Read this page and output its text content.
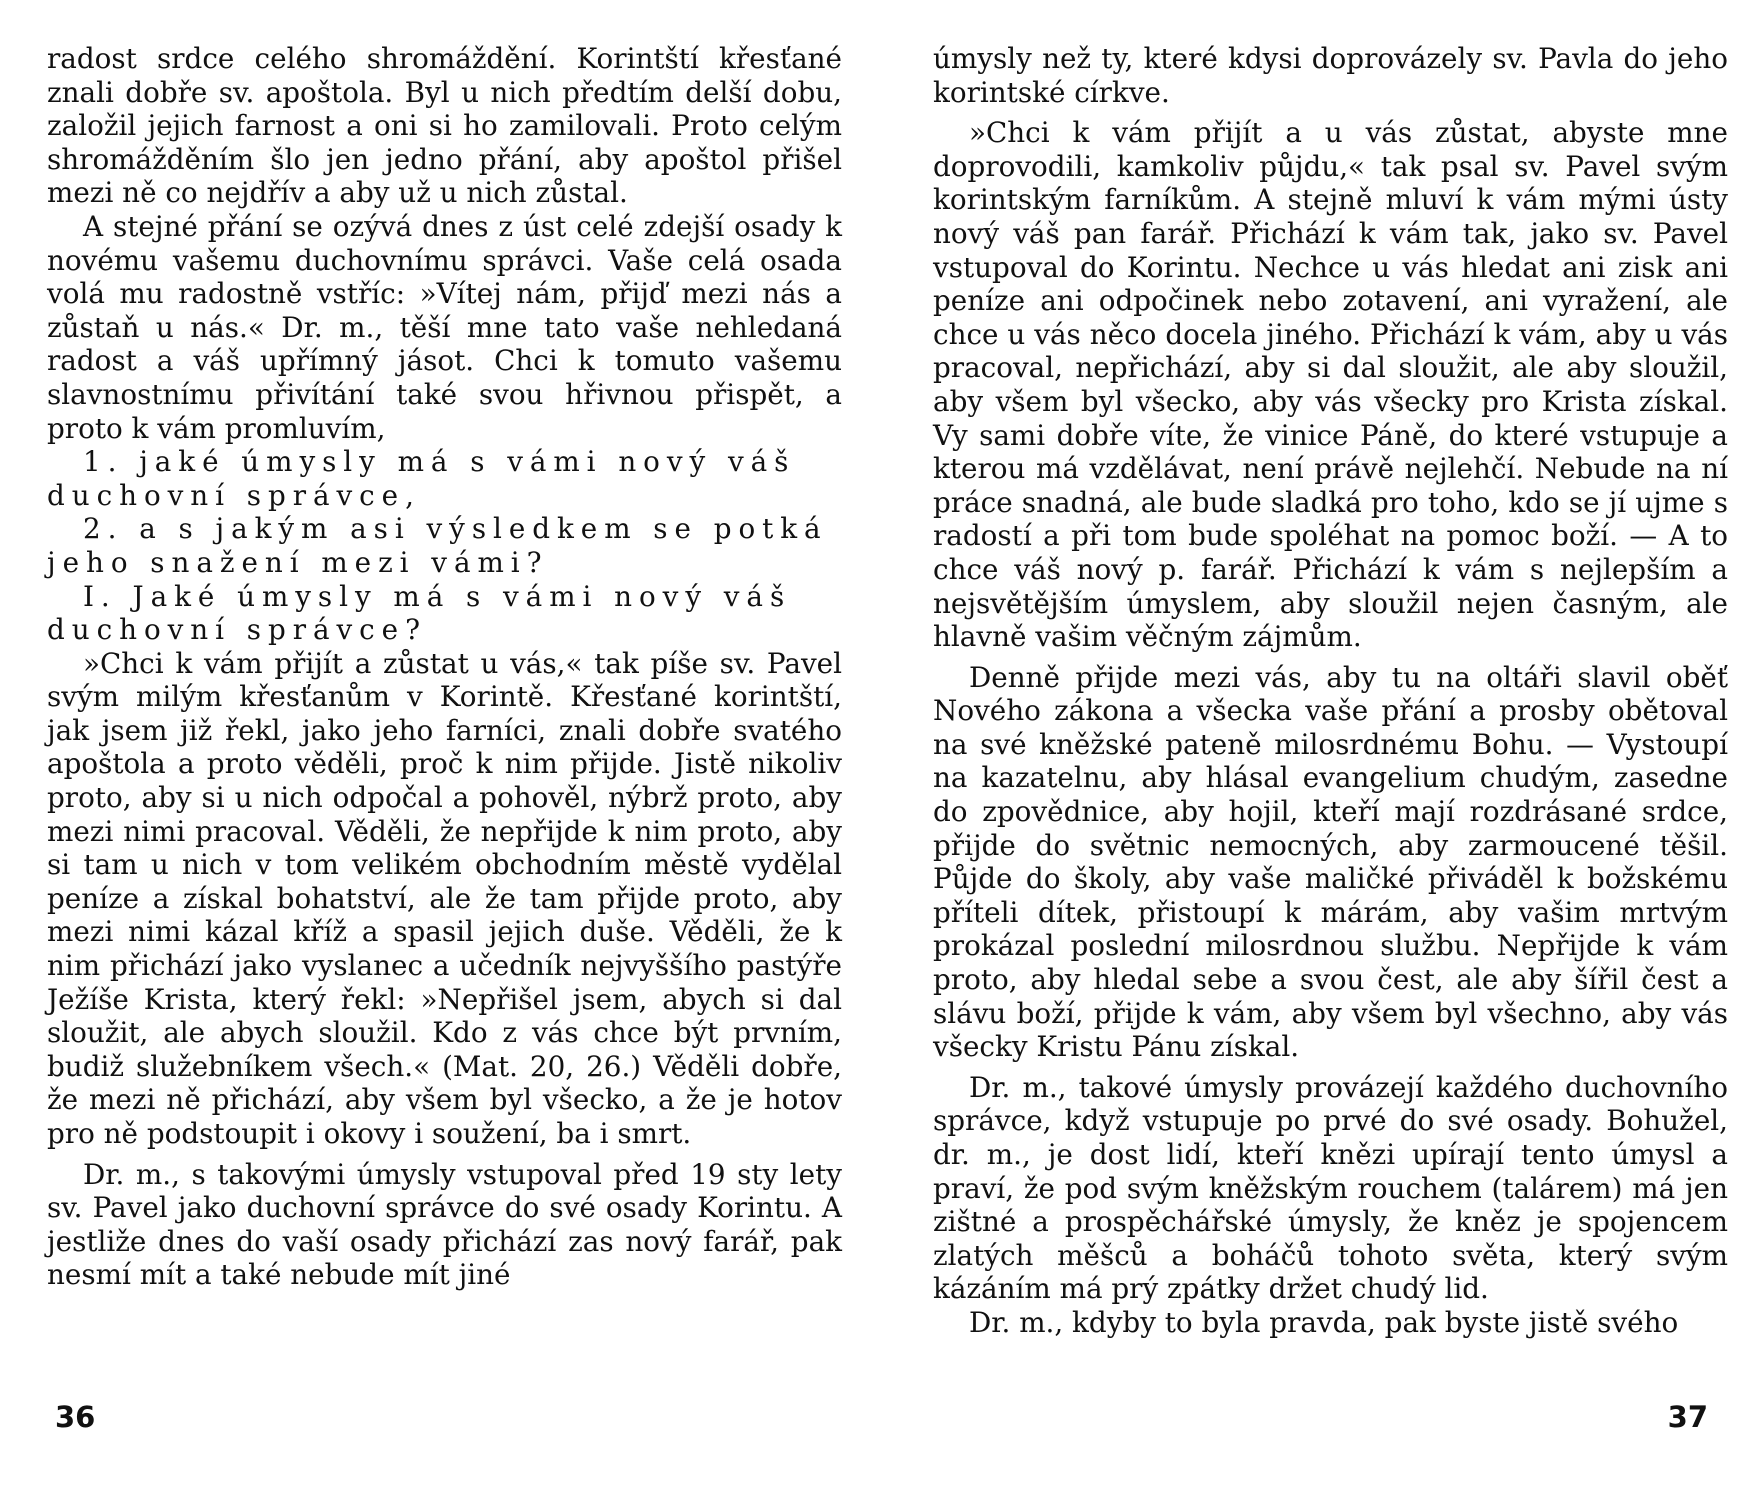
radost srdce celého shromáždění. Korintští křesťané znali dobře sv. apoštola. Byl u nich předtím delší dobu, založil jejich farnost a oni si ho zamilovali. Proto celým shromážděním šlo jen jedno přání, aby apoštol přišel mezi ně co nejdřív a aby už u nich zůstal.

A stejné přání se ozývá dnes z úst celé zdejší osady k novému vašemu duchovnímu správci. Vaše celá osada volá mu radostně vstříc: »Vítej nám, přijď mezi nás a zůstaň u nás.« Dr. m., těší mne tato vaše nehledaná radost a váš upřímný jásot. Chci k tomuto vašemu slavnostnímu přivítání také svou hřivnou přispět, a proto k vám promluvím,

1. jaké úmysly má s vámi nový váš duchovní správce,

2. a s jakým asi výsledkem se potká jeho snažení mezi vámi?

I. Jaké úmysly má s vámi nový váš duchovní správce?

»Chci k vám přijít a zůstat u vás,« tak píše sv. Pavel svým milým křesťanům v Korintě. Křesťané korintští, jak jsem již řekl, jako jeho farníci, znali dobře svatého apoštola a proto věděli, proč k nim přijde. Jistě nikoliv proto, aby si u nich odpočal a pohověl, nýbrž proto, aby mezi nimi pracoval. Věděli, že nepřijde k nim proto, aby si tam u nich v tom velikém obchodním městě vydělal peníze a získal bohatství, ale že tam přijde proto, aby mezi nimi kázal kříž a spasil jejich duše. Věděli, že k nim přichází jako vyslanec a učedník nejvyššího pastýře Ježíše Krista, který řekl: »Nepřišel jsem, abych si dal sloužit, ale abych sloužil. Kdo z vás chce být prvním, budiž služebníkem všech.« (Mat. 20, 26.) Věděli dobře, že mezi ně přichází, aby všem byl všecko, a že je hotov pro ně podstoupit i okovy i soužení, ba i smrt.

Dr. m., s takovými úmysly vstupoval před 19 sty lety sv. Pavel jako duchovní správce do své osady Korintu. A jestliže dnes do vaší osady přichází zas nový farář, pak nesmí mít a také nebude mít jiné

36

úmysly než ty, které kdysi doprovázely sv. Pavla do jeho korintské církve.

»Chci k vám přijít a u vás zůstat, abyste mne doprovodili, kamkoliv půjdu,« tak psal sv. Pavel svým korintským farníkům. A stejně mluví k vám mými ústy nový váš pan farář. Přichází k vám tak, jako sv. Pavel vstupoval do Korintu. Nechce u vás hledat ani zisk ani peníze ani odpočinek nebo zotavení, ani vyražení, ale chce u vás něco docela jiného. Přichází k vám, aby u vás pracoval, nepřichází, aby si dal sloužit, ale aby sloužil, aby všem byl všecko, aby vás všecky pro Krista získal. Vy sami dobře víte, že vinice Páně, do které vstupuje a kterou má vzdělávat, není právě nejlehčí. Nebude na ní práce snadná, ale bude sladká pro toho, kdo se jí ujme s radostí a při tom bude spoléhat na pomoc boží. — A to chce váš nový p. farář. Přichází k vám s nejlepším a nejsvětějším úmyslem, aby sloužil nejen časným, ale hlavně vašim věčným zájmům.

Denně přijde mezi vás, aby tu na oltáři slavil oběť Nového zákona a všecka vaše přání a prosby obětoval na své kněžské pateně milosrdnému Bohu. — Vystoupí na kazatelnu, aby hlásal evangelium chudým, zasedne do zpovědnice, aby hojil, kteří mají rozdrásané srdce, přijde do světnic nemocných, aby zarmoucené těšil. Půjde do školy, aby vaše maličké přiváděl k božskému příteli dítek, přistoupí k márám, aby vašim mrtvým prokázal poslední milosrdnou službu. Nepřijde k vám proto, aby hledal sebe a svou čest, ale aby šířil čest a slávu boží, přijde k vám, aby všem byl všechno, aby vás všecky Kristu Pánu získal.

Dr. m., takové úmysly provázejí každého duchovního správce, když vstupuje po prvé do své osady. Bohužel, dr. m., je dost lidí, kteří knězi upírají tento úmysl a praví, že pod svým kněžským rouchem (talárem) má jen zištné a prospěchářské úmysly, že kněz je spojencem zlatých měšců a boháčů tohoto světa, který svým kázáním má prý zpátky držet chudý lid.

Dr. m., kdyby to byla pravda, pak byste jistě svého

37
